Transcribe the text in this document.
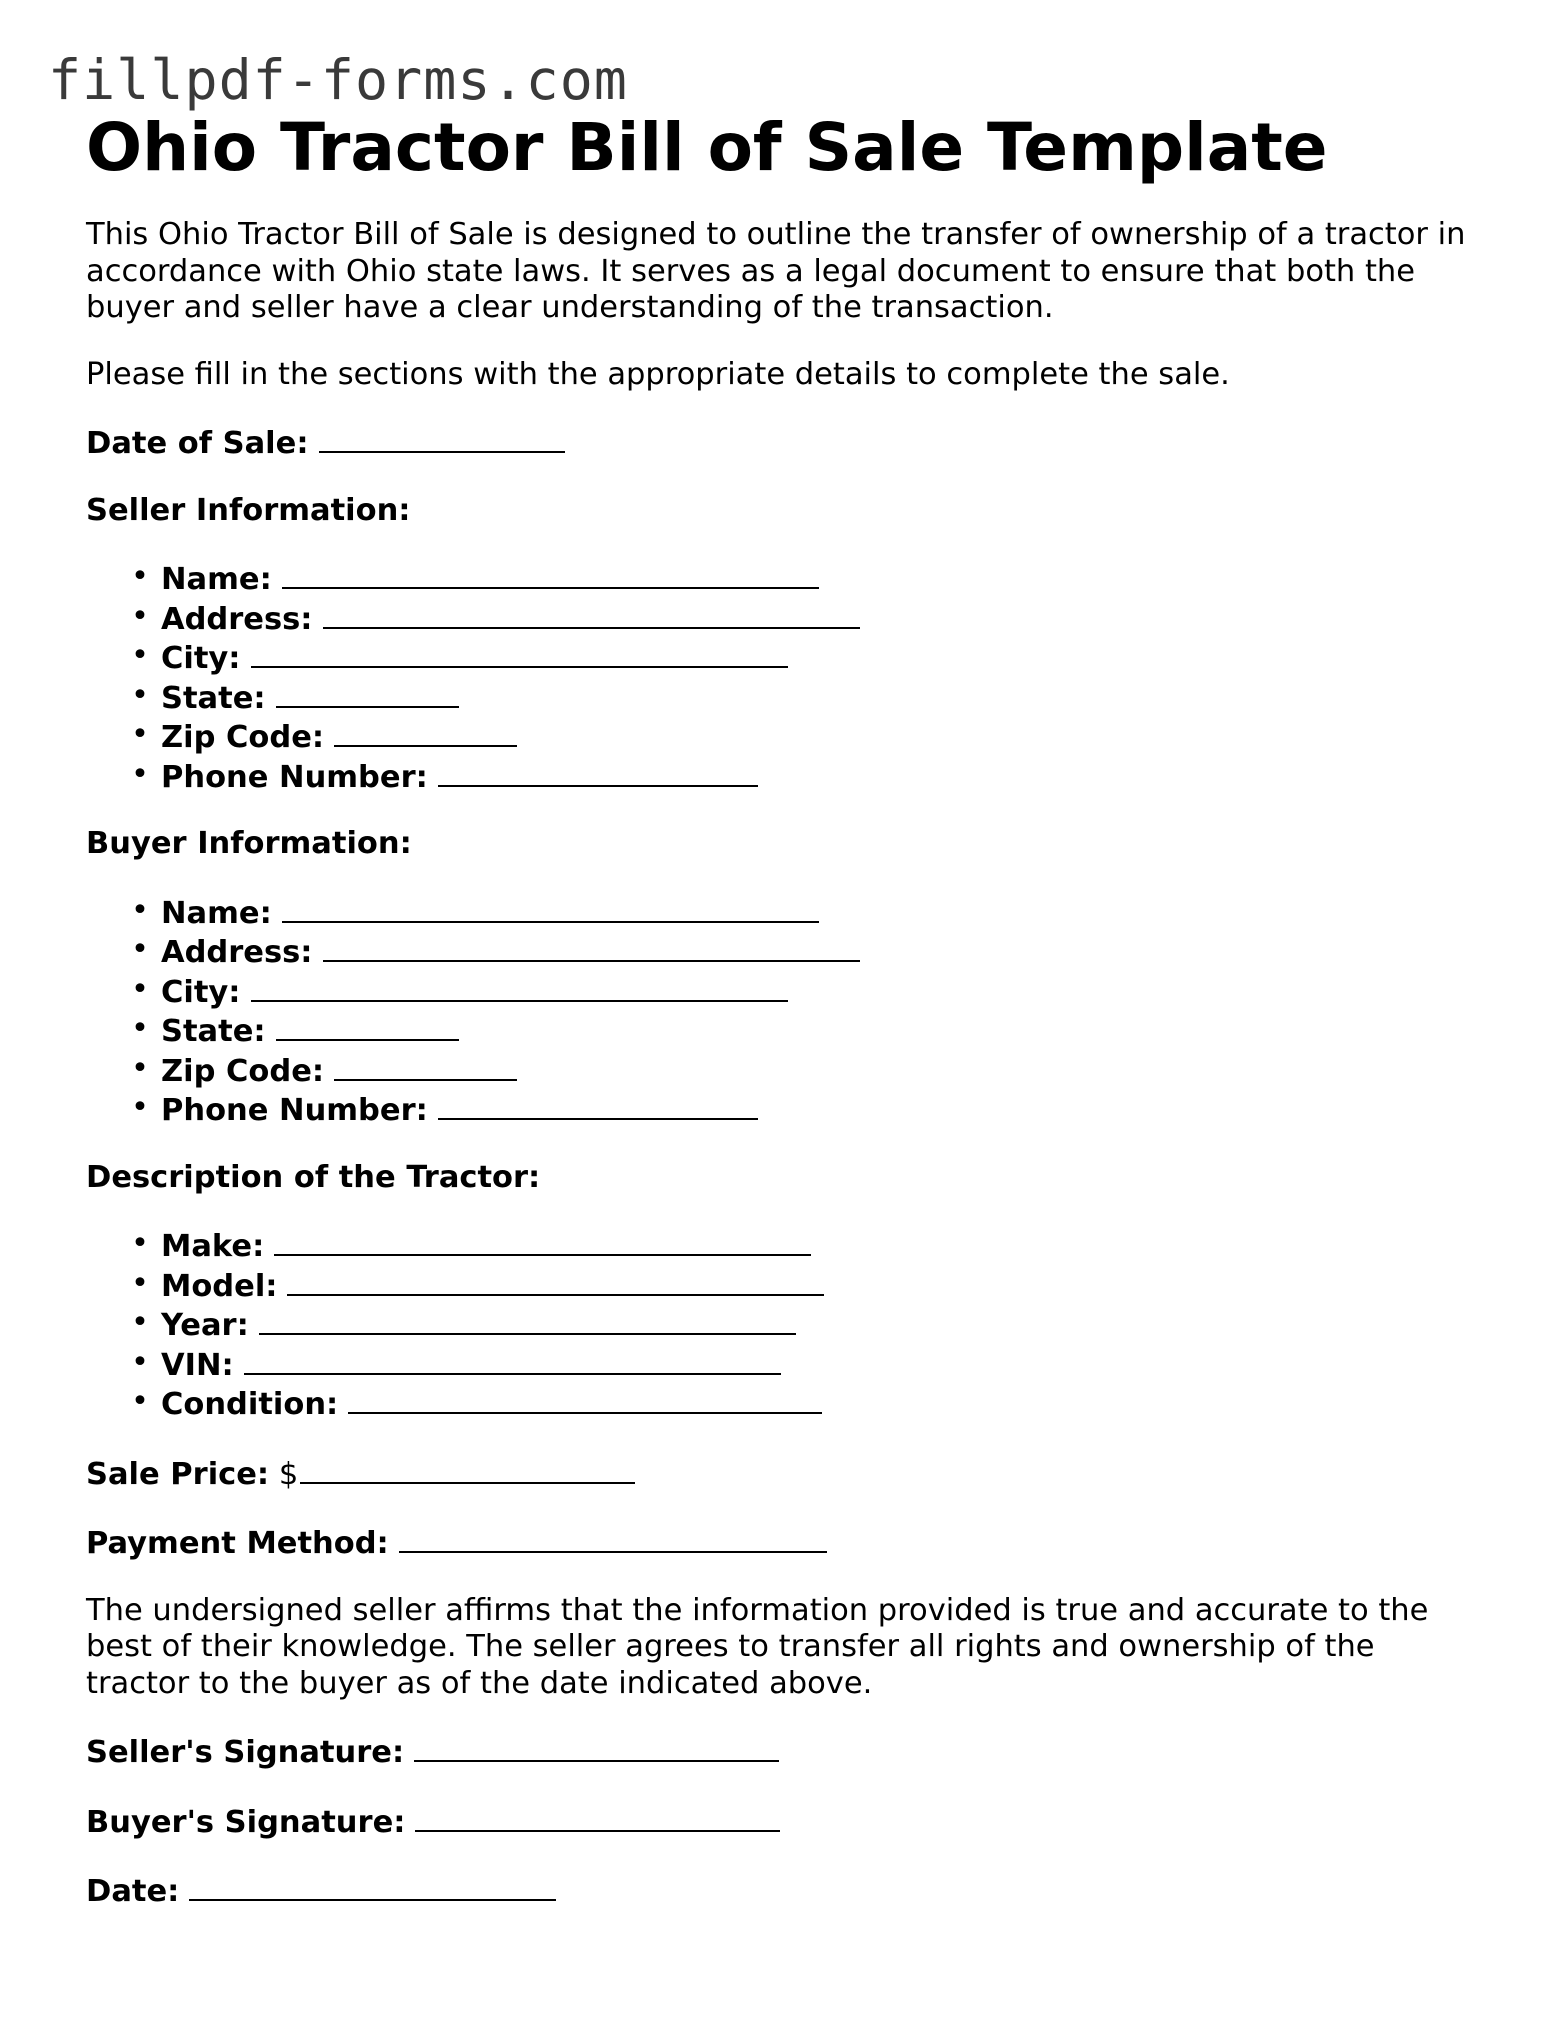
fillpdf-forms.com
Ohio Tractor Bill of Sale Template

This Ohio Tractor Bill of Sale is designed to outline the transfer of ownership of a tractor in accordance with Ohio state laws. It serves as a legal document to ensure that both the buyer and seller have a clear understanding of the transaction.

Please fill in the sections with the appropriate details to complete the sale.

Date of Sale:

Seller Information:

• Name:
• Address:
• City:
• State:
• Zip Code:
• Phone Number:

Buyer Information:

• Name:
• Address:
• City:
• State:
• Zip Code:
• Phone Number:

Description of the Tractor:

• Make:
• Model:
• Year:
• VIN:
• Condition:

Sale Price: $

Payment Method:

The undersigned seller affirms that the information provided is true and accurate to the best of their knowledge. The seller agrees to transfer all rights and ownership of the tractor to the buyer as of the date indicated above.

Seller's Signature:

Buyer's Signature:

Date:
